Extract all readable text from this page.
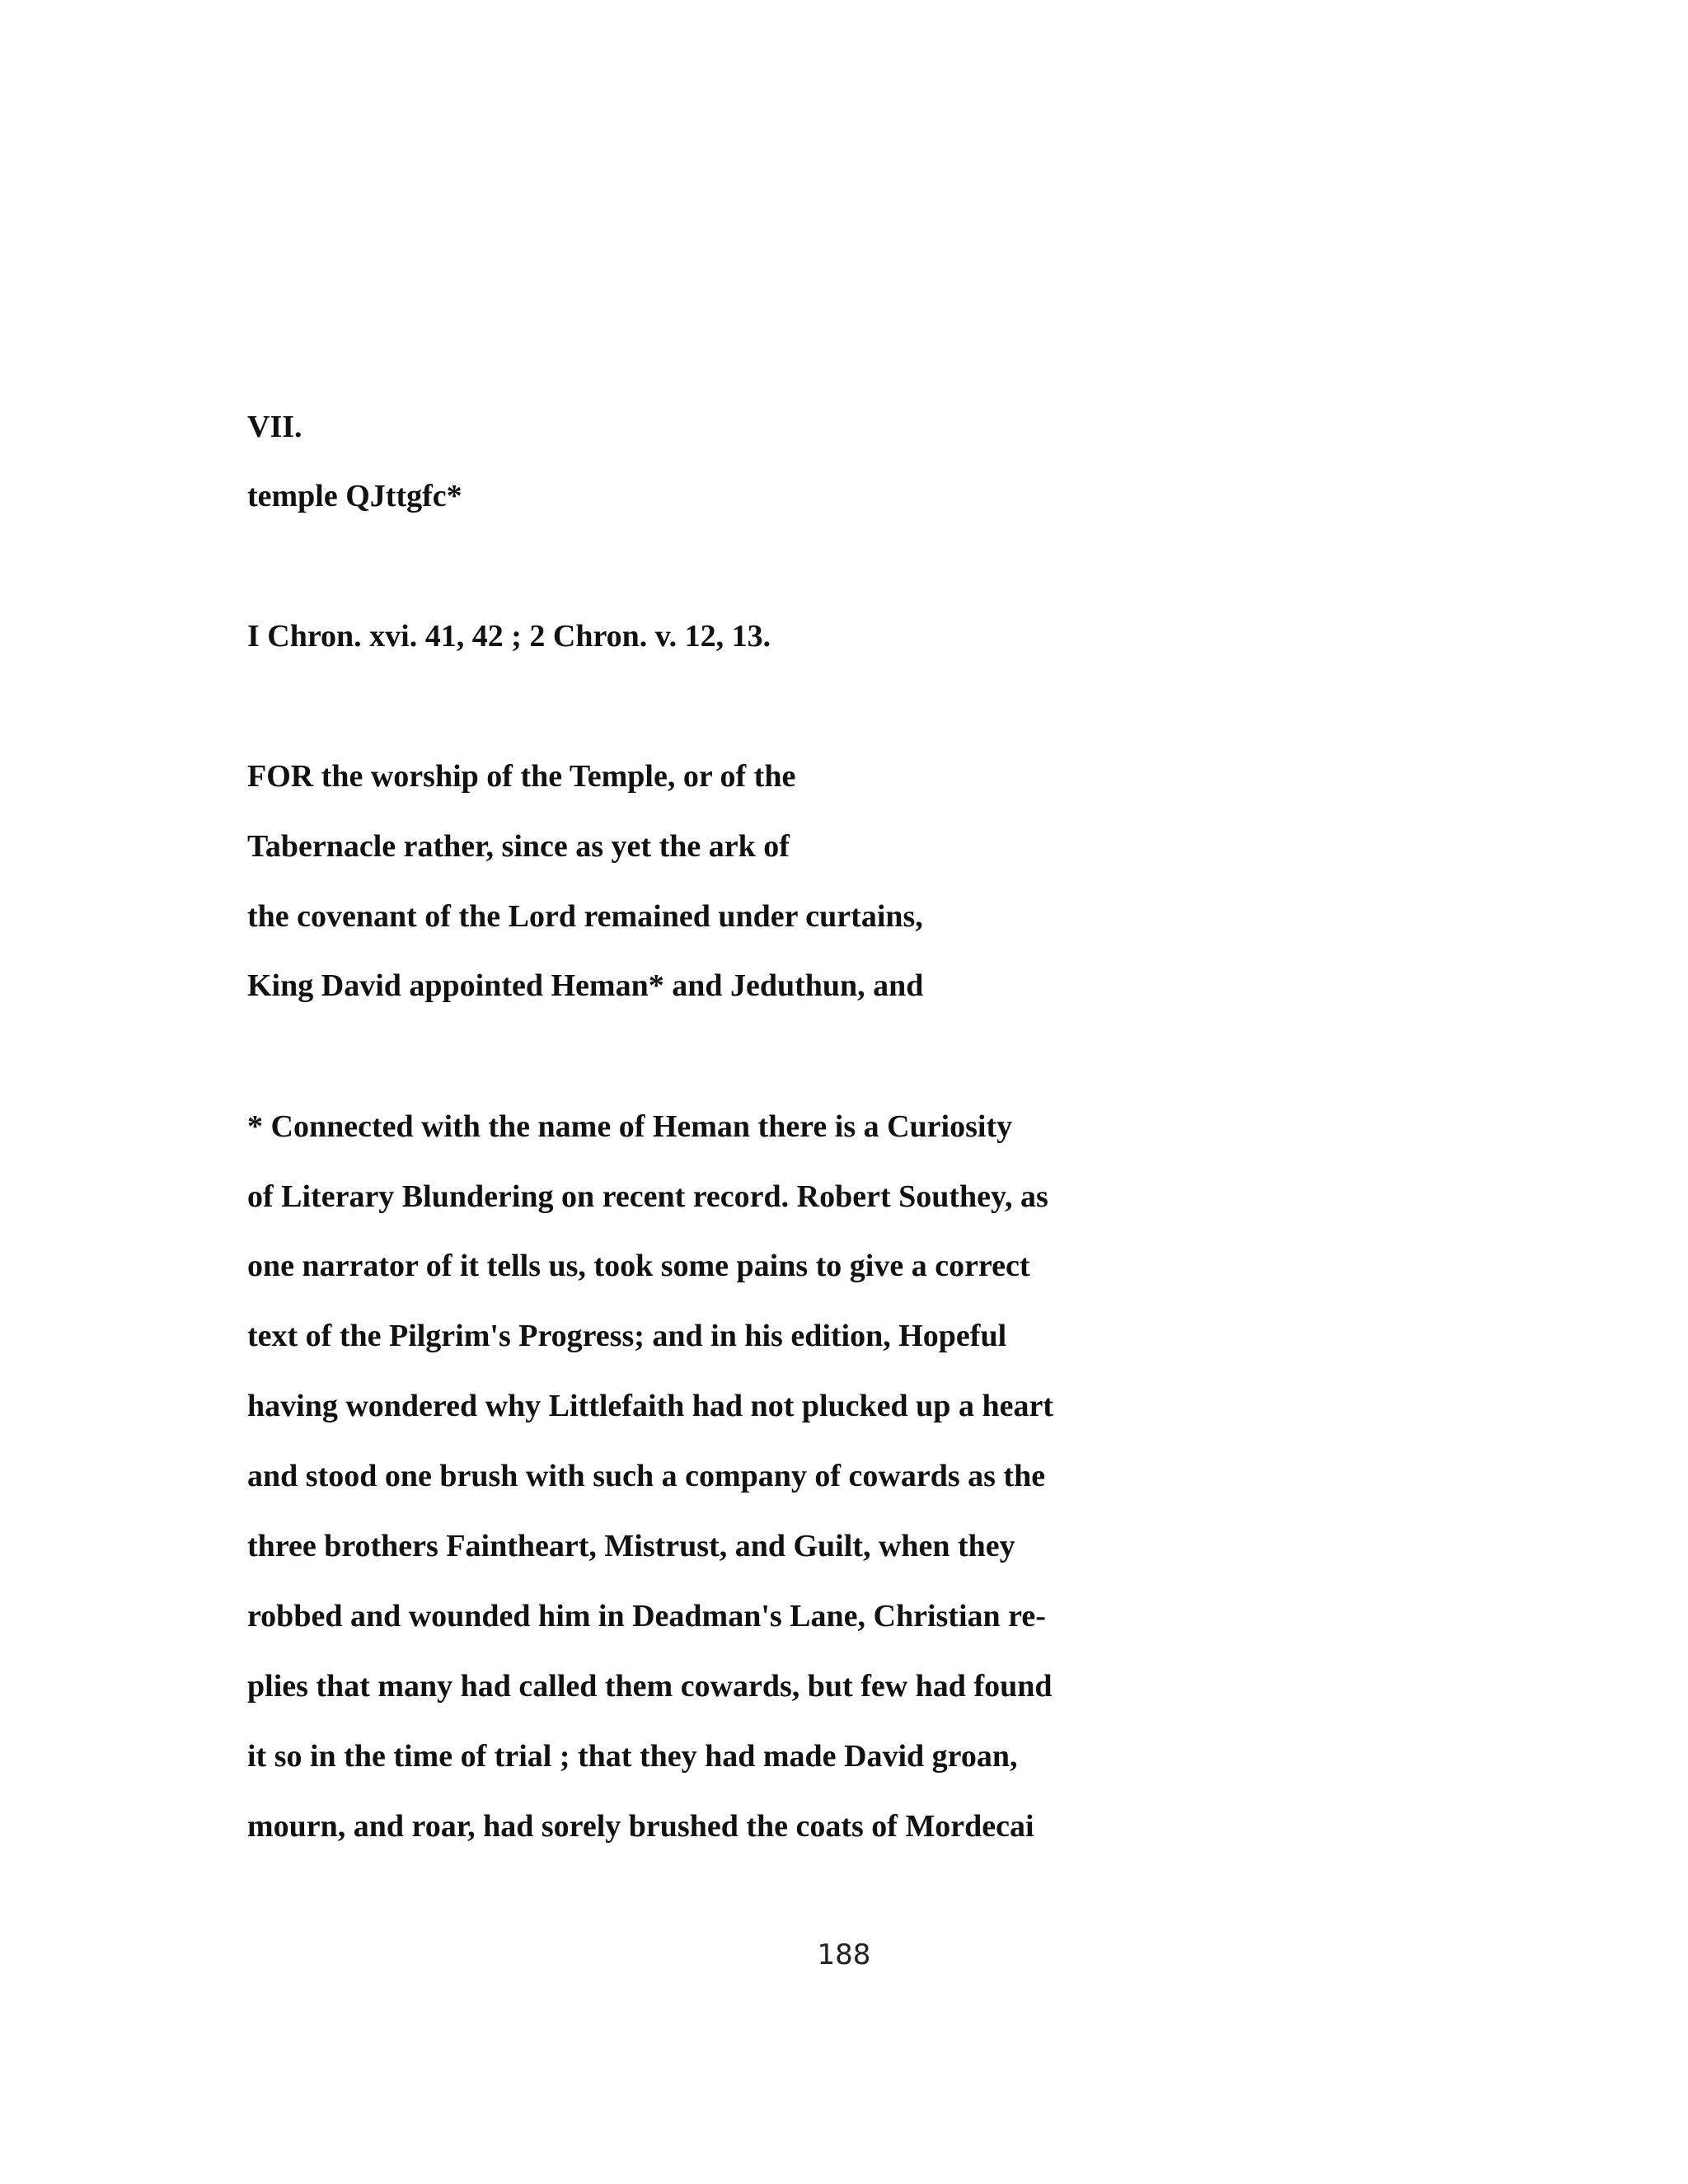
VII.

temple QJttgfc*

I Chron. xvi. 41, 42 ; 2 Chron. v. 12, 13.

FOR the worship of the Temple, or of the

Tabernacle rather, since as yet the ark of

the covenant of the Lord remained under curtains,

King David appointed Heman* and Jeduthun, and

* Connected with the name of Heman there is a Curiosity

of Literary Blundering on recent record. Robert Southey, as

one narrator of it tells us, took some pains to give a correct

text of the Pilgrim's Progress; and in his edition, Hopeful

having wondered why Littlefaith had not plucked up a heart

and stood one brush with such a company of cowards as the

three brothers Faintheart, Mistrust, and Guilt, when they

robbed and wounded him in Deadman's Lane, Christian re-

plies that many had called them cowards, but few had found

it so in the time of trial ; that they had made David groan,

mourn, and roar, had sorely brushed the coats of Mordecai

188
